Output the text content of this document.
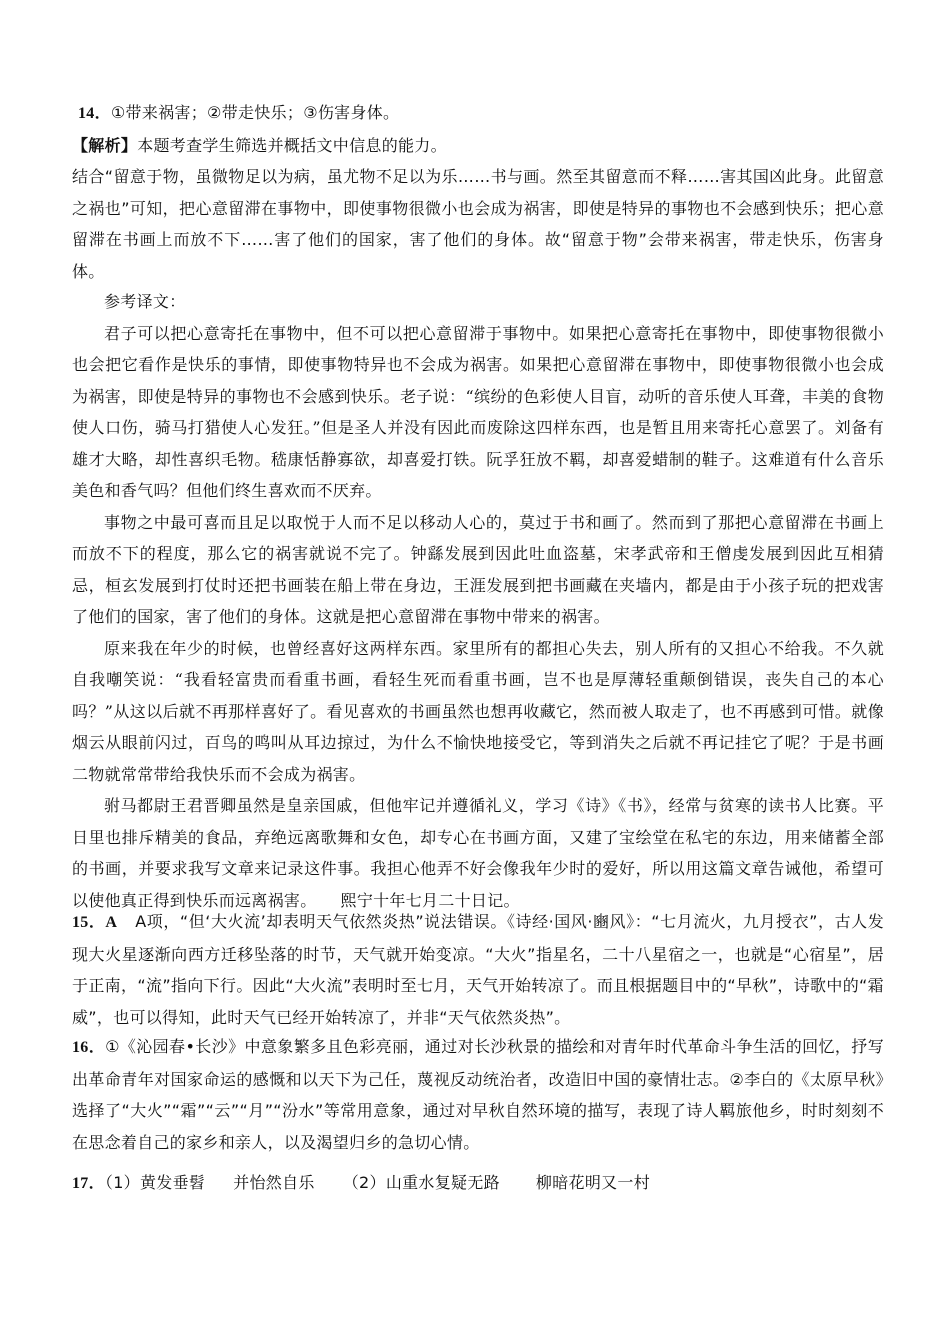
14．①带来祸害；②带走快乐；③伤害身体。

【解析】本题考查学生筛选并概括文中信息的能力。

结合“留意于物，虽微物足以为病，虽尤物不足以为乐……书与画。然至其留意而不释……害其国凶此身。此留意之祸也”可知，把心意留滞在事物中，即使事物很微小也会成为祸害，即使是特异的事物也不会感到快乐；把心意留滞在书画上而放不下……害了他们的国家，害了他们的身体。故“留意于物”会带来祸害，带走快乐，伤害身体。

参考译文：

君子可以把心意寄托在事物中，但不可以把心意留滞于事物中。如果把心意寄托在事物中，即使事物很微小也会把它看作是快乐的事情，即使事物特异也不会成为祸害。如果把心意留滞在事物中，即使事物很微小也会成为祸害，即使是特异的事物也不会感到快乐。老子说：“缤纷的色彩使人目盲，动听的音乐使人耳聋，丰美的食物使人口伤，骑马打猎使人心发狂。”但是圣人并没有因此而废除这四样东西，也是暂且用来寄托心意罢了。刘备有雄才大略，却性喜织毛物。嵇康恬静寡欲，却喜爱打铁。阮孚狂放不羁，却喜爱蜡制的鞋子。这难道有什么音乐美色和香气吗？但他们终生喜欢而不厌弃。

事物之中最可喜而且足以取悦于人而不足以移动人心的，莫过于书和画了。然而到了那把心意留滞在书画上而放不下的程度，那么它的祸害就说不完了。钟繇发展到因此吐血盗墓，宋孝武帝和王僧虔发展到因此互相猜忌，桓玄发展到打仗时还把书画装在船上带在身边，王涯发展到把书画藏在夹墙内，都是由于小孩子玩的把戏害了他们的国家，害了他们的身体。这就是把心意留滞在事物中带来的祸害。

原来我在年少的时候，也曾经喜好这两样东西。家里所有的都担心失去，别人所有的又担心不给我。不久就自我嘲笑说：“我看轻富贵而看重书画，看轻生死而看重书画，岂不也是厚薄轻重颠倒错误，丧失自己的本心吗？”从这以后就不再那样喜好了。看见喜欢的书画虽然也想再收藏它，然而被人取走了，也不再感到可惜。就像烟云从眼前闪过，百鸟的鸣叫从耳边掠过，为什么不愉快地接受它，等到消失之后就不再记挂它了呢？于是书画二物就常常带给我快乐而不会成为祸害。

驸马都尉王君晋卿虽然是皇亲国戚，但他牢记并遵循礼义，学习《诗》《书》，经常与贫寒的读书人比赛。平日里也排斥精美的食品，弃绝远离歌舞和女色，却专心在书画方面，又建了宝绘堂在私宅的东边，用来储蓄全部的书画，并要求我写文章来记录这件事。我担心他弄不好会像我年少时的爱好，所以用这篇文章告诫他，希望可以使他真正得到快乐而远离祸害。 熙宁十年七月二十日记。

15．A A项，“但‘大火流’却表明天气依然炎热”说法错误。《诗经·国风·豳风》：“七月流火，九月授衣”，古人发现大火星逐渐向西方迁移坠落的时节，天气就开始变凉。“大火”指星名，二十八星宿之一，也就是“心宿星”，居于正南，“流”指向下行。因此“大火流”表明时至七月，天气开始转凉了。而且根据题目中的“早秋”，诗歌中的“霜威”，也可以得知，此时天气已经开始转凉了，并非“天气依然炎热”。

16．①《沁园春•长沙》中意象繁多且色彩亮丽，通过对长沙秋景的描绘和对青年时代革命斗争生活的回忆，抒写出革命青年对国家命运的感慨和以天下为己任，蔑视反动统治者，改造旧中国的豪情壮志。②李白的《太原早秋》选择了“大火”“霜”“云”“月”“汾水”等常用意象，通过对早秋自然环境的描写，表现了诗人羁旅他乡，时时刻刻不在思念着自己的家乡和亲人，以及渴望归乡的急切心情。

17．（1）黄发垂髫 并怡然自乐 （2）山重水复疑无路 柳暗花明又一村
